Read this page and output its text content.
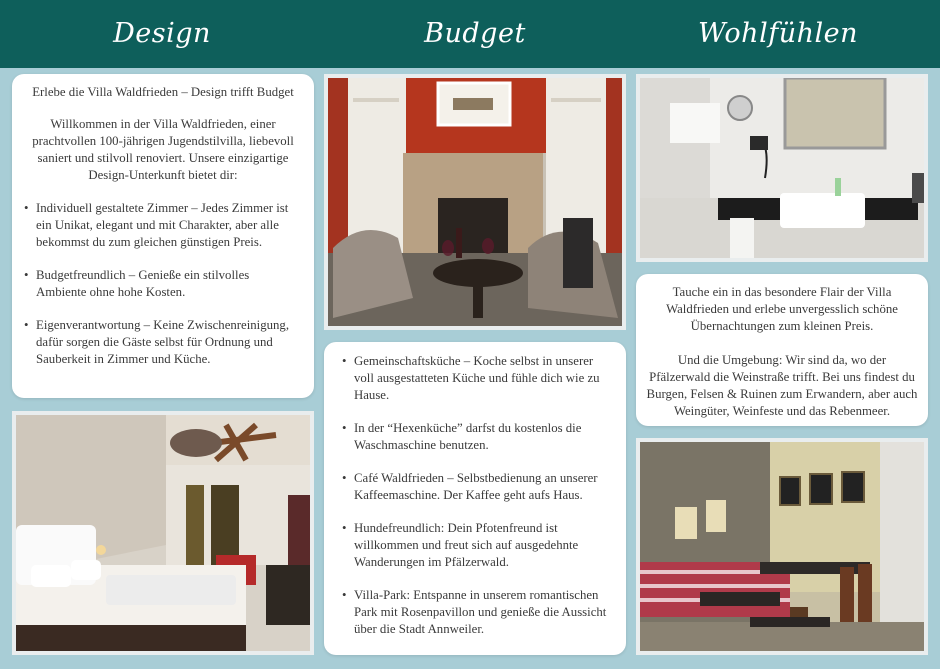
Design	Budget	Wohlfühlen

Erlebe die Villa Waldfrieden – Design trifft Budget

Willkommen in der Villa Waldfrieden, einer prachtvollen 100-jährigen Jugendstilvilla, liebevoll saniert und stilvoll renoviert. Unsere einzigartige Design-Unterkunft bietet dir:

• Individuell gestaltete Zimmer – Jedes Zimmer ist ein Unikat, elegant und mit Charakter, aber alle bekommst du zum gleichen günstigen Preis.
• Budgetfreundlich – Genieße ein stilvolles Ambiente ohne hohe Kosten.
• Eigenverantwortung – Keine Zwischenreinigung, dafür sorgen die Gäste selbst für Ordnung und Sauberkeit in Zimmer und Küche.
•	Gemeinschaftsküche – Koche selbst in unserer voll ausgestatteten Küche und fühle dich wie zu Hause.
• In der “Hexenküche” darfst du kostenlos die Waschmaschine benutzen.
• Café Waldfrieden – Selbstbedienung an unserer Kaffeemaschine. Der Kaffee geht aufs Haus.
• Hundefreundlich: Dein Pfotenfreund ist willkommen und freut sich auf ausgedehnte Wanderungen im Pfälzerwald.
• Villa-Park: Entspanne in unserem romantischen Park mit Rosenpavillon und genieße die Aussicht über die Stadt Annweiler.

Tauche ein in das besondere Flair der Villa Waldfrieden und erlebe unvergesslich schöne Übernachtungen zum kleinen Preis.

Und die Umgebung: Wir sind da, wo der Pfälzerwald die Weinstraße trifft. Bei uns findest du Burgen, Felsen & Ruinen zum Erwandern, aber auch Weingüter, Weinfeste und das Rebenmeer.
